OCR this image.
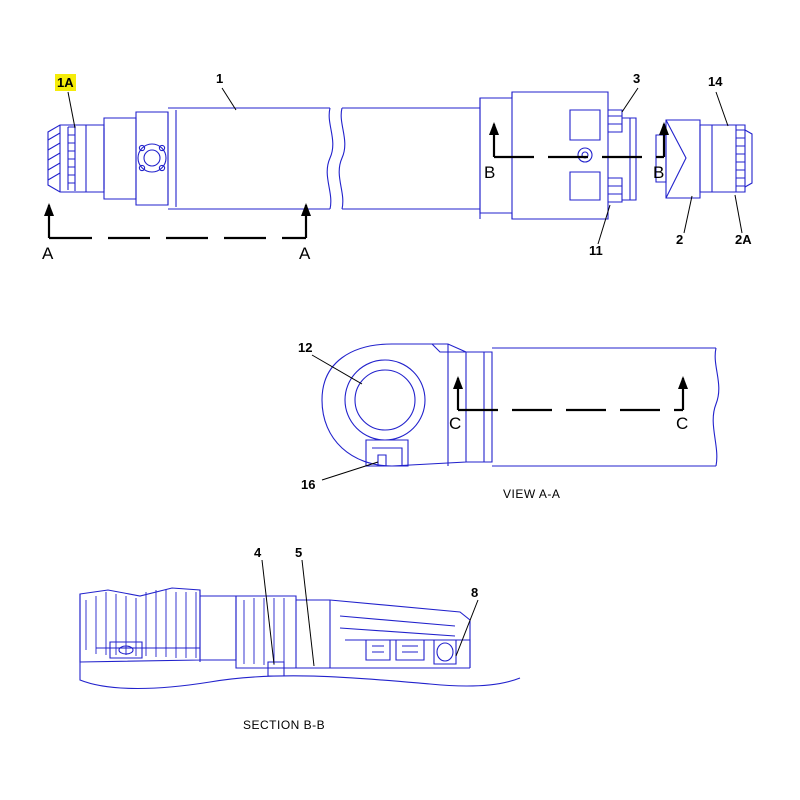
1A	1	3	14
11
2	2A
A	A
B	B
12
16
C	C
VIEW A-A
4	5
8
SECTION B-B
